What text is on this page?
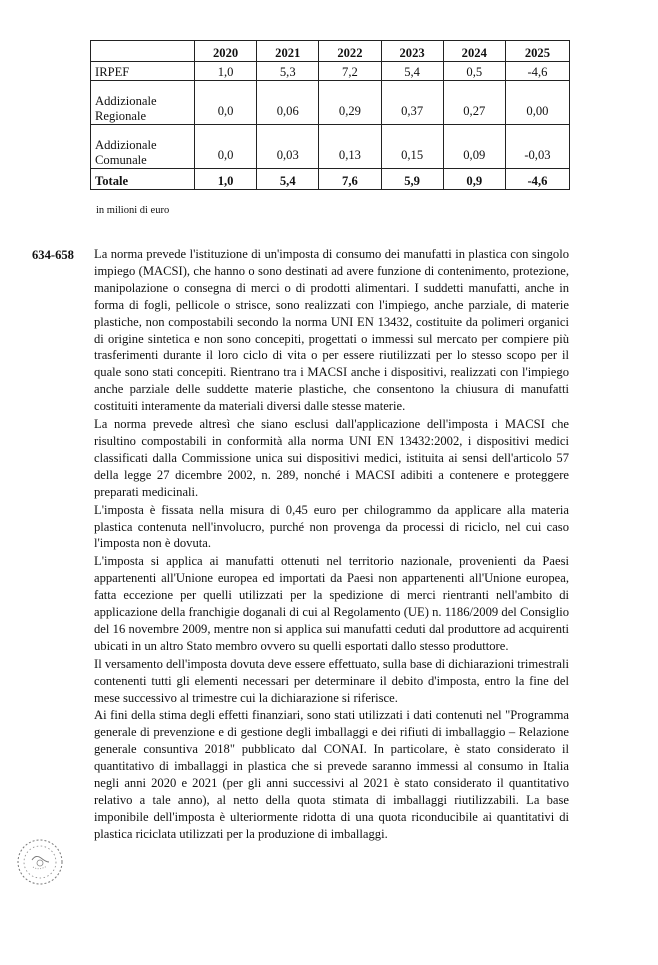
	2020	2021	2022	2023	2024	2025
IRPEF	1,0	5,3	7,2	5,4	0,5	-4,6
Addizionale Regionale	0,0	0,06	0,29	0,37	0,27	0,00
Addizionale Comunale	0,0	0,03	0,13	0,15	0,09	-0,03
Totale	1,0	5,4	7,6	5,9	0,9	-4,6
in milioni di euro
634-658 La norma prevede l'istituzione di un'imposta di consumo dei manufatti in plastica con singolo impiego (MACSI), che hanno o sono destinati ad avere funzione di contenimento, protezione, manipolazione o consegna di merci o di prodotti alimentari. I suddetti manufatti, anche in forma di fogli, pellicole o strisce, sono realizzati con l'impiego, anche parziale, di materie plastiche, non compostabili secondo la norma UNI EN 13432, costituite da polimeri organici di origine sintetica e non sono concepiti, progettati o immessi sul mercato per compiere più trasferimenti durante il loro ciclo di vita o per essere riutilizzati per lo stesso scopo per il quale sono stati concepiti. Rientrano tra i MACSI anche i dispositivi, realizzati con l'impiego anche parziale delle suddette materie plastiche, che consentono la chiusura di manufatti costituiti interamente da materiali diversi dalle stesse materie.

La norma prevede altresì che siano esclusi dall'applicazione dell'imposta i MACSI che risultino compostabili in conformità alla norma UNI EN 13432:2002, i dispositivi medici classificati dalla Commissione unica sui dispositivi medici, istituita ai sensi dell'articolo 57 della legge 27 dicembre 2002, n. 289, nonché i MACSI adibiti a contenere e proteggere preparati medicinali.

L'imposta è fissata nella misura di 0,45 euro per chilogrammo da applicare alla materia plastica contenuta nell'involucro, purché non provenga da processi di riciclo, nel cui caso l'imposta non è dovuta.

L'imposta si applica ai manufatti ottenuti nel territorio nazionale, provenienti da Paesi appartenenti all'Unione europea ed importati da Paesi non appartenenti all'Unione europea, fatta eccezione per quelli utilizzati per la spedizione di merci rientranti nell'ambito di applicazione della franchigie doganali di cui al Regolamento (UE) n. 1186/2009 del Consiglio del 16 novembre 2009, mentre non si applica sui manufatti ceduti dal produttore ad acquirenti ubicati in un altro Stato membro ovvero su quelli esportati dallo stesso produttore.

Il versamento dell'imposta dovuta deve essere effettuato, sulla base di dichiarazioni trimestrali contenenti tutti gli elementi necessari per determinare il debito d'imposta, entro la fine del mese successivo al trimestre cui la dichiarazione si riferisce.

Ai fini della stima degli effetti finanziari, sono stati utilizzati i dati contenuti nel "Programma generale di prevenzione e di gestione degli imballaggi e dei rifiuti di imballaggio – Relazione generale consuntiva 2018" pubblicato dal CONAI. In particolare, è stato considerato il quantitativo di imballaggi in plastica che si prevede saranno immessi al consumo in Italia negli anni 2020 e 2021 (per gli anni successivi al 2021 è stato considerato il quantitativo relativo a tale anno), al netto della quota stimata di imballaggi riutilizzabili. La base imponibile dell'imposta è ulteriormente ridotta di una quota riconducibile ai quantitativi di plastica riciclata utilizzati per la produzione di imballaggi.
